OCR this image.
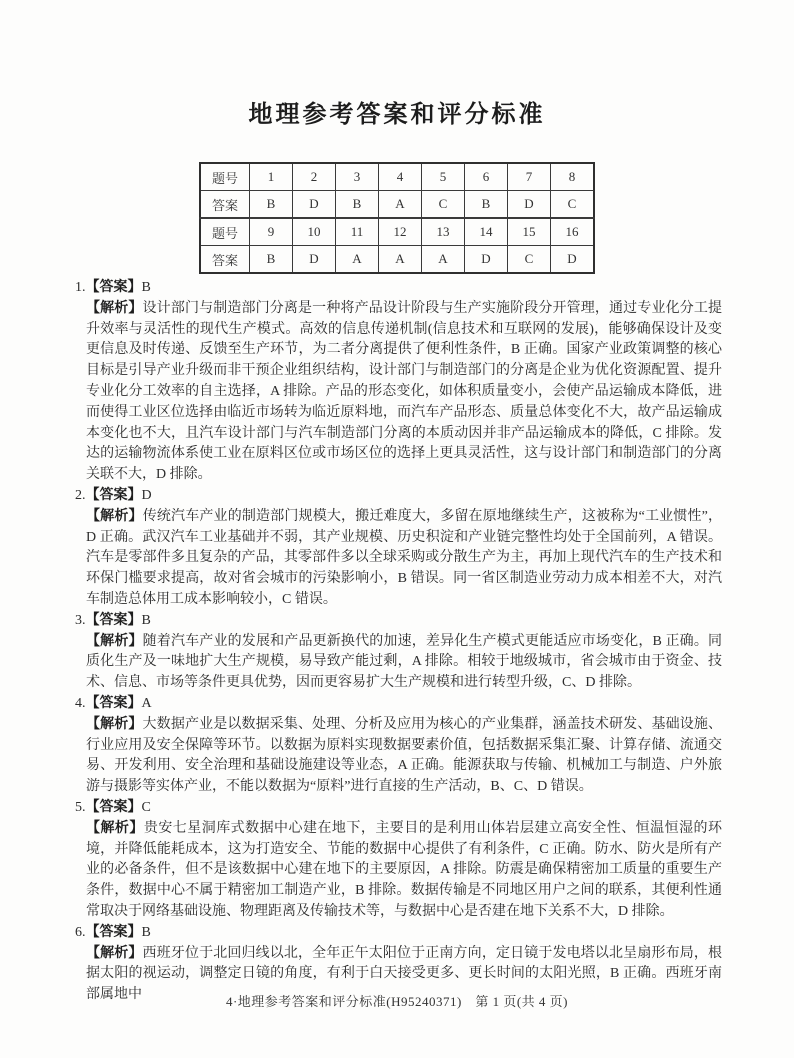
地理参考答案和评分标准
题号	1	2	3	4	5	6	7	8
答案	B	D	B	A	C	B	D	C
题号	9	10	11	12	13	14	15	16
答案	B	D	A	A	A	D	C	D
1.【答案】B

【解析】设计部门与制造部门分离是一种将产品设计阶段与生产实施阶段分开管理，通过专业化分工提升效率与灵活性的现代生产模式。高效的信息传递机制(信息技术和互联网的发展)，能够确保设计及变更信息及时传递、反馈至生产环节，为二者分离提供了便利性条件，B 正确。国家产业政策调整的核心目标是引导产业升级而非干预企业组织结构，设计部门与制造部门的分离是企业为优化资源配置、提升专业化分工效率的自主选择，A 排除。产品的形态变化，如体积质量变小，会使产品运输成本降低，进而使得工业区位选择由临近市场转为临近原料地，而汽车产品形态、质量总体变化不大，故产品运输成本变化也不大，且汽车设计部门与汽车制造部门分离的本质动因并非产品运输成本的降低，C 排除。发达的运输物流体系使工业在原料区位或市场区位的选择上更具灵活性，这与设计部门和制造部门的分离关联不大，D 排除。

2.【答案】D

【解析】传统汽车产业的制造部门规模大，搬迁难度大，多留在原地继续生产，这被称为“工业惯性”，D 正确。武汉汽车工业基础并不弱，其产业规模、历史积淀和产业链完整性均处于全国前列，A 错误。汽车是零部件多且复杂的产品，其零部件多以全球采购或分散生产为主，再加上现代汽车的生产技术和环保门槛要求提高，故对省会城市的污染影响小，B 错误。同一省区制造业劳动力成本相差不大，对汽车制造总体用工成本影响较小，C 错误。

3.【答案】B

【解析】随着汽车产业的发展和产品更新换代的加速，差异化生产模式更能适应市场变化，B 正确。同质化生产及一味地扩大生产规模，易导致产能过剩，A 排除。相较于地级城市，省会城市由于资金、技术、信息、市场等条件更具优势，因而更容易扩大生产规模和进行转型升级，C、D 排除。

4.【答案】A

【解析】大数据产业是以数据采集、处理、分析及应用为核心的产业集群，涵盖技术研发、基础设施、行业应用及安全保障等环节。以数据为原料实现数据要素价值，包括数据采集汇聚、计算存储、流通交易、开发利用、安全治理和基础设施建设等业态，A 正确。能源获取与传输、机械加工与制造、户外旅游与摄影等实体产业，不能以数据为“原料”进行直接的生产活动，B、C、D 错误。

5.【答案】C

【解析】贵安七星洞库式数据中心建在地下，主要目的是利用山体岩层建立高安全性、恒温恒湿的环境，并降低能耗成本，这为打造安全、节能的数据中心提供了有利条件，C 正确。防水、防火是所有产业的必备条件，但不是该数据中心建在地下的主要原因，A 排除。防震是确保精密加工质量的重要生产条件，数据中心不属于精密加工制造产业，B 排除。数据传输是不同地区用户之间的联系，其便利性通常取决于网络基础设施、物理距离及传输技术等，与数据中心是否建在地下关系不大，D 排除。

6.【答案】B

【解析】西班牙位于北回归线以北，全年正午太阳位于正南方向，定日镜于发电塔以北呈扇形布局，根据太阳的视运动，调整定日镜的角度，有利于白天接受更多、更长时间的太阳光照，B 正确。西班牙南部属地中	4·地理参考答案和评分标准(H95240371)　第 1 页(共 4 页)
